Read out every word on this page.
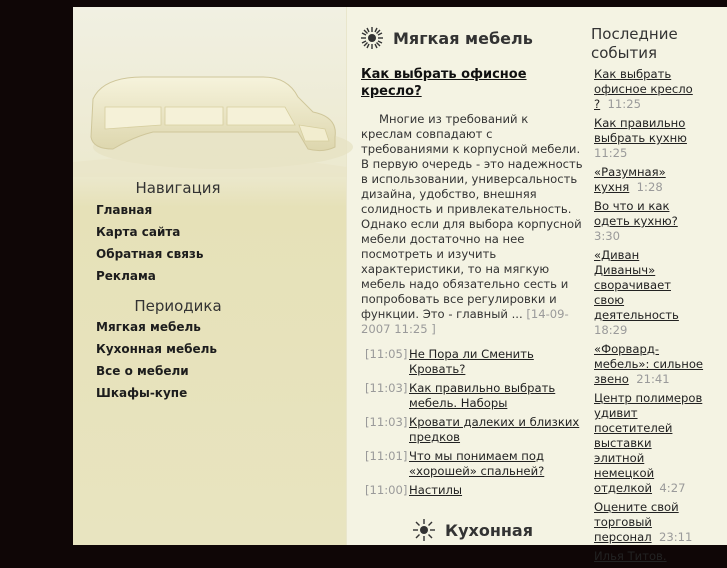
Навигация
Главная
Карта сайта
Обратная связь
Реклама
Периодика
Мягкая мебель
Кухонная мебель
Все о мебели
Шкафы-купе
Мягкая мебель
Как выбрать офисное кресло?

Многие из требований к креслам совпадают с требованиями к корпусной мебели. В первую очередь - это надежность в использовании, универсальность дизайна, удобство, внешняя солидность и привлекательность. Однако если для выбора корпусной мебели достаточно на нее посмотреть и изучить характеристики, то на мягкую мебель надо обязательно сесть и попробовать все регулировки и функции. Это - главный ... [14-09-2007 11:25 ]

[11:05] Не Пора ли Сменить Кровать?
[11:03] Как правильно выбрать мебель. Наборы
[11:03] Кровати далеких и близких предков
[11:01] Что мы понимаем под «хорошей» спальней?
[11:00] Настилы
Кухонная
Последние события
Как выбрать офисное кресло ? 11:25
Как правильно выбрать кухню 11:25
«Разумная» кухня 1:28
Во что и как одеть кухню? 3:30
«Диван Диваныч» сворачивает свою деятельность 18:29
«Форвард-мебель»: сильное звено 21:41
Центр полимеров удивит посетителей выставки элитной немецкой отделкой 4:27
Оцените свой торговый персонал 23:11
Илья Титов.
